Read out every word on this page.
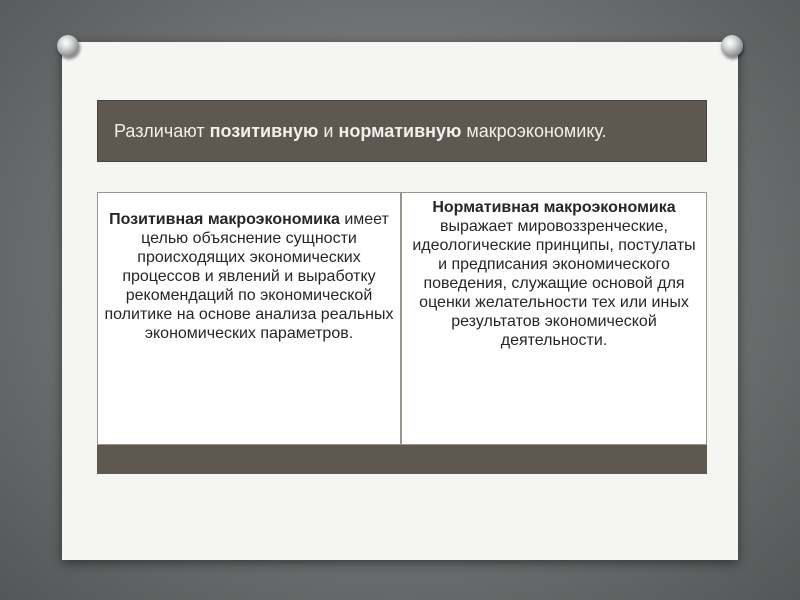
Различают позитивную и нормативную макроэкономику.
Позитивная макроэкономика имеет целью объяснение сущности происходящих экономических процессов и явлений и выработку рекомендаций по экономической политике на основе анализа реальных экономических параметров.
Нормативная макроэкономика выражает мировоззренческие, идеологические принципы, постулаты и предписания экономического поведения, служащие основой для оценки желательности тех или иных результатов экономической деятельности.
